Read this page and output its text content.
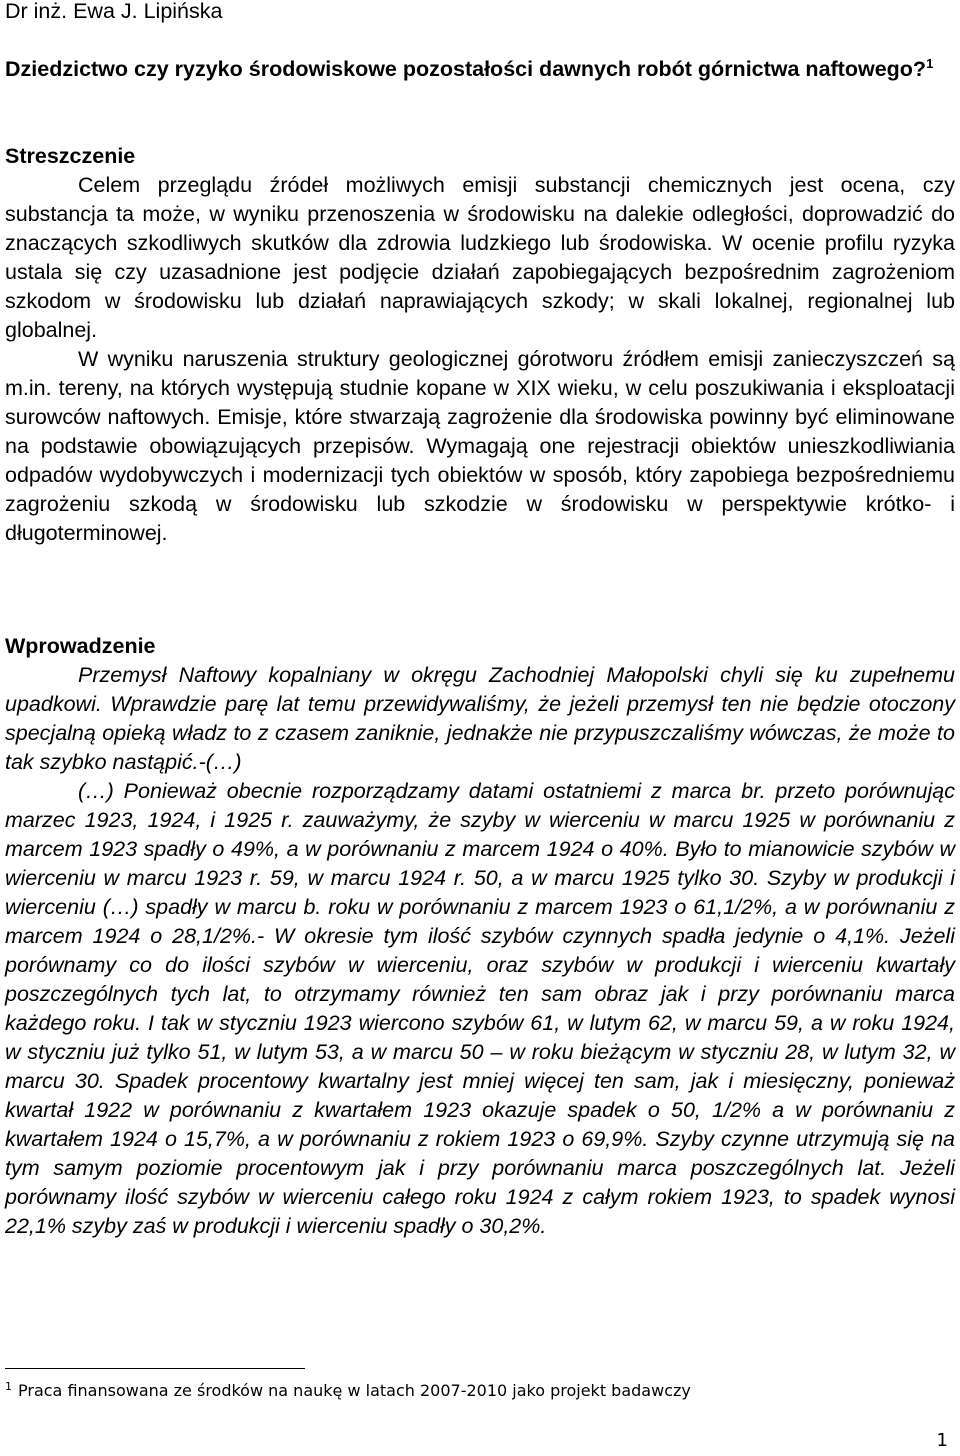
Dr inż. Ewa J. Lipińska

Dziedzictwo czy ryzyko środowiskowe pozostałości dawnych robót górnictwa naftowego?$^1$

Streszczenie

Celem przeglądu źródeł możliwych emisji substancji chemicznych jest ocena, czy substancja ta może, w wyniku przenoszenia w środowisku na dalekie odległości, doprowadzić do znaczących szkodliwych skutków dla zdrowia ludzkiego lub środowiska. W ocenie profilu ryzyka ustala się czy uzasadnione jest podjęcie działań zapobiegających bezpośrednim zagrożeniom szkodom w środowisku lub działań naprawiających szkody; w skali lokalnej, regionalnej lub globalnej.

W wyniku naruszenia struktury geologicznej górotworu źródłem emisji zanieczyszczeń są m.in. tereny, na których występują studnie kopane w XIX wieku, w celu poszukiwania i eksploatacji surowców naftowych. Emisje, które stwarzają zagrożenie dla środowiska powinny być eliminowane na podstawie obowiązujących przepisów. Wymagają one rejestracji obiektów unieszkodliwiania odpadów wydobywczych i modernizacji tych obiektów w sposób, który zapobiega bezpośredniemu zagrożeniu szkodą w środowisku lub szkodzie w środowisku w perspektywie krótko- i długoterminowej.

Wprowadzenie

Przemysł Naftowy kopalniany w okręgu Zachodniej Małopolski chyli się ku zupełnemu upadkowi. Wprawdzie parę lat temu przewidywaliśmy, że jeżeli przemysł ten nie będzie otoczony specjalną opieką władz to z czasem zaniknie, jednakże nie przypuszczaliśmy wówczas, że może to tak szybko nastąpić.-(…)

(…) Ponieważ obecnie rozporządzamy datami ostatniemi z marca br. przeto porównując marzec 1923, 1924, i 1925 r. zauważymy, że szyby w wierceniu w marcu 1925 w porównaniu z marcem 1923 spadły o 49%, a w porównaniu z marcem 1924 o 40%. Było to mianowicie szybów w wierceniu w marcu 1923 r. 59, w marcu 1924 r. 50, a w marcu 1925 tylko 30. Szyby w produkcji i wierceniu (…) spadły w marcu b. roku w porównaniu z marcem 1923 o 61,1/2%, a w porównaniu z marcem 1924 o 28,1/2%.- W okresie tym ilość szybów czynnych spadła jedynie o 4,1%. Jeżeli porównamy co do ilości szybów w wierceniu, oraz szybów w produkcji i wierceniu kwartały poszczególnych tych lat, to otrzymamy również ten sam obraz jak i przy porównaniu marca każdego roku. I tak w styczniu 1923 wiercono szybów 61, w lutym 62, w marcu 59, a w roku 1924, w styczniu już tylko 51, w lutym 53, a w marcu 50 – w roku bieżącym w styczniu 28, w lutym 32, w marcu 30. Spadek procentowy kwartalny jest mniej więcej ten sam, jak i miesięczny, ponieważ kwartał 1922 w porównaniu z kwartałem 1923 okazuje spadek o 50, 1/2% a w porównaniu z kwartałem 1924 o 15,7%, a w porównaniu z rokiem 1923 o 69,9%. Szyby czynne utrzymują się na tym samym poziomie procentowym jak i przy porównaniu marca poszczególnych lat. Jeżeli porównamy ilość szybów w wierceniu całego roku 1924 z całym rokiem 1923, to spadek wynosi 22,1% szyby zaś w produkcji i wierceniu spadły o 30,2%.

$^1$ Praca finansowana ze środków na naukę w latach 2007-2010 jako projekt badawczy

1
